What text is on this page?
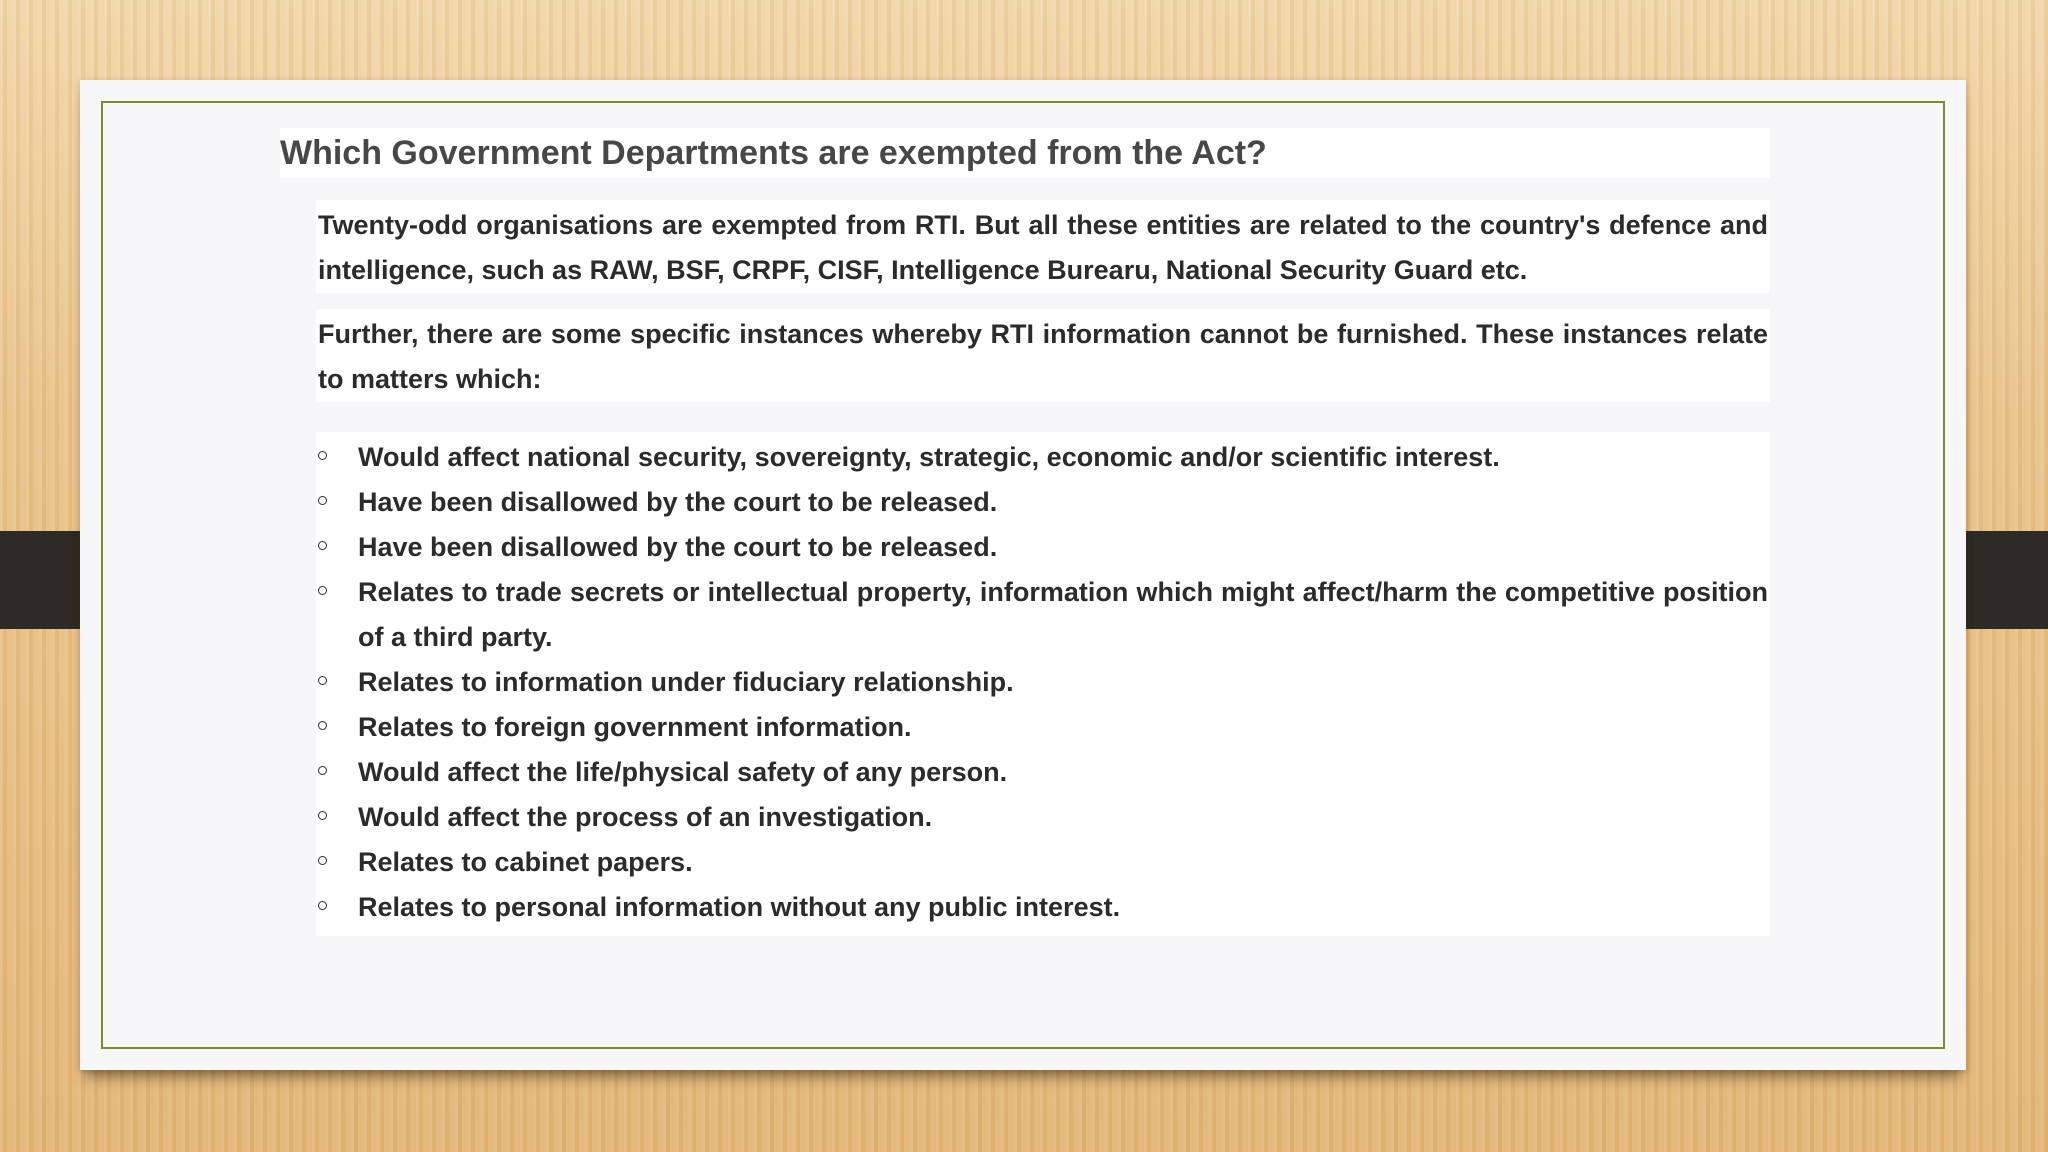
Which Government Departments are exempted from the Act?

Twenty-odd organisations are exempted from RTI. But all these entities are related to the country's defence and intelligence, such as RAW, BSF, CRPF, CISF, Intelligence Burearu, National Security Guard etc.

Further, there are some specific instances whereby RTI information cannot be furnished. These instances relate to matters which:

Would affect national security, sovereignty, strategic, economic and/or scientific interest.
Have been disallowed by the court to be released.
Have been disallowed by the court to be released.
Relates to trade secrets or intellectual property, information which might affect/harm the competitive position of a third party.
Relates to information under fiduciary relationship.
Relates to foreign government information.
Would affect the life/physical safety of any person.
Would affect the process of an investigation.
Relates to cabinet papers.
Relates to personal information without any public interest.
